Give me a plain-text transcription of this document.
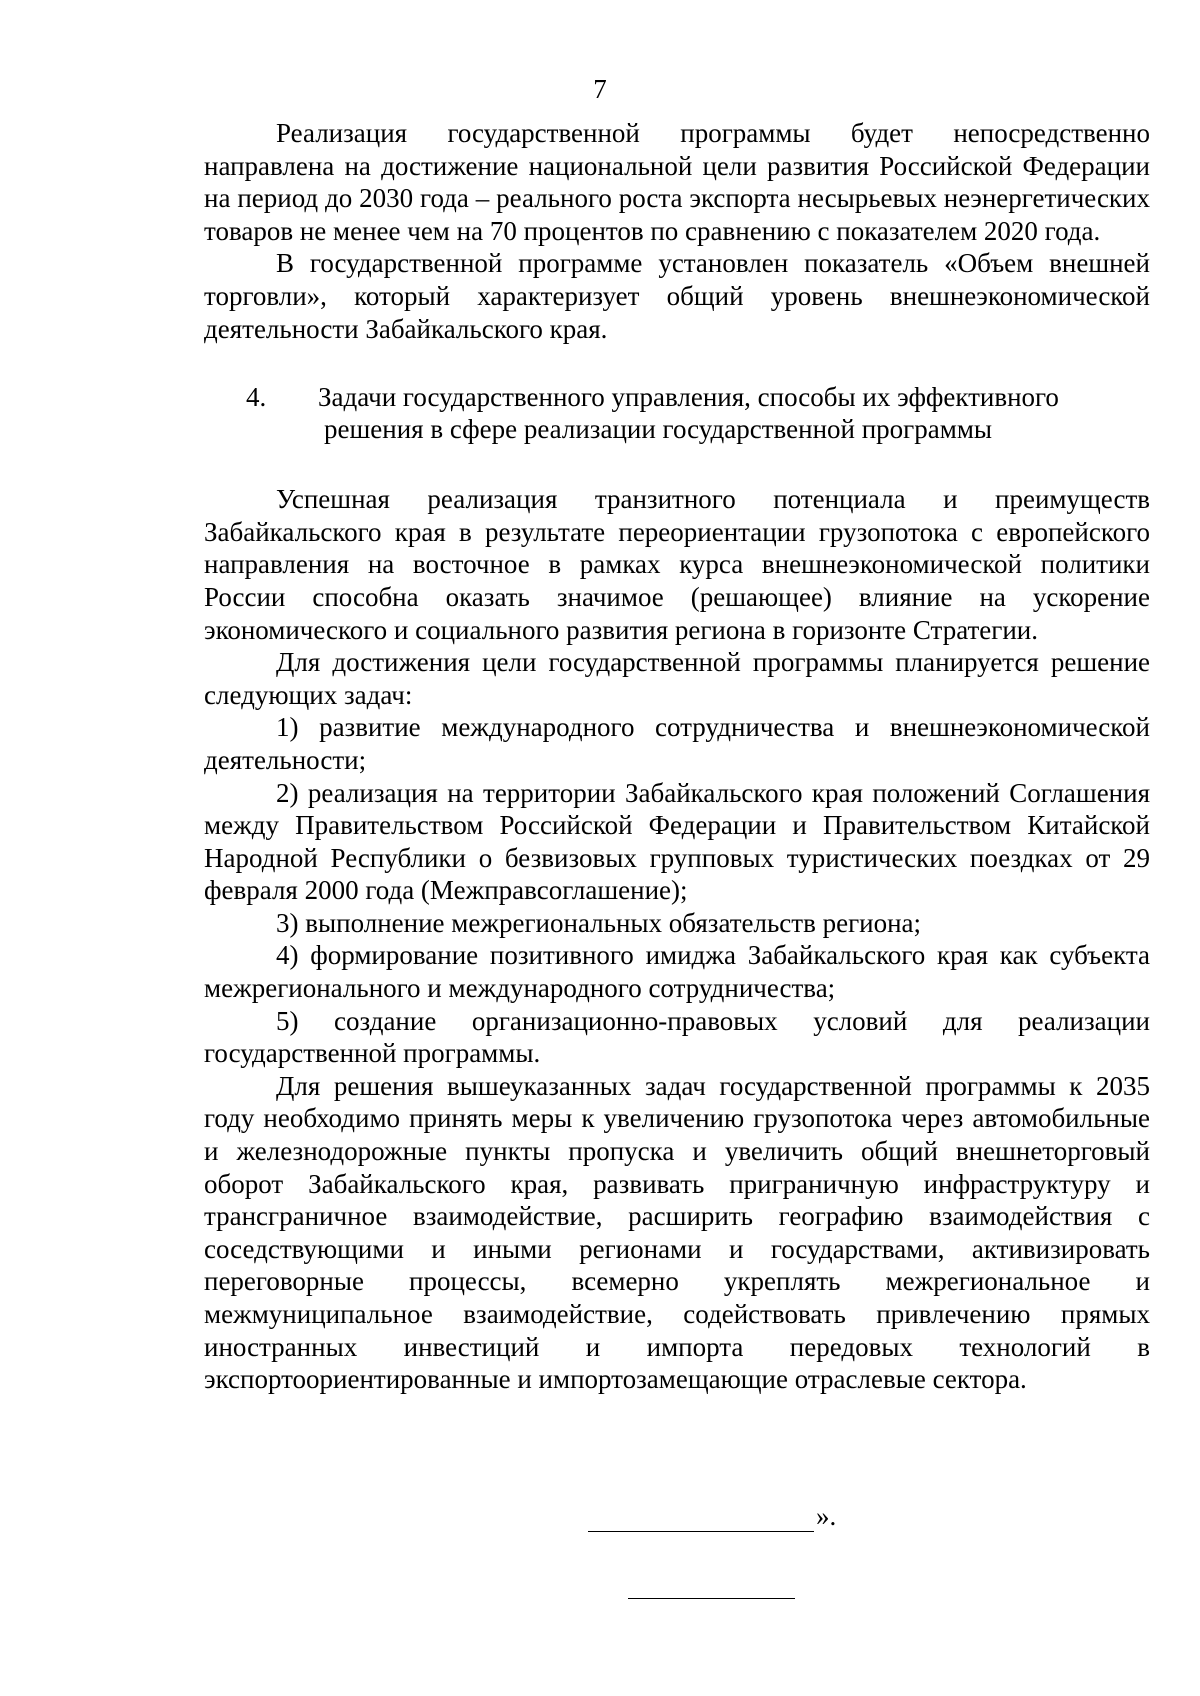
7

Реализация государственной программы будет непосредственно направлена на достижение национальной цели развития Российской Федерации на период до 2030 года – реального роста экспорта несырьевых неэнергетических товаров не менее чем на 70 процентов по сравнению с показателем 2020 года.

В государственной программе установлен показатель «Объем внешней торговли», который характеризует общий уровень внешнеэкономической деятельности Забайкальского края.

4.	Задачи государственного управления, способы их эффективного
решения в сфере реализации государственной программы

Успешная реализация транзитного потенциала и преимуществ Забайкальского края в результате переориентации грузопотока с европейского направления на восточное в рамках курса внешнеэкономической политики России способна оказать значимое (решающее) влияние на ускорение экономического и социального развития региона в горизонте Стратегии.

Для достижения цели государственной программы планируется решение следующих задач:

1) развитие международного сотрудничества и внешнеэкономической деятельности;

2) реализация на территории Забайкальского края положений Соглашения между Правительством Российской Федерации и Правительством Китайской Народной Республики о безвизовых групповых туристических поездках от 29 февраля 2000 года (Межправсоглашение);

3) выполнение межрегиональных обязательств региона;

4) формирование позитивного имиджа Забайкальского края как субъекта межрегионального и международного сотрудничества;

5) создание организационно-правовых условий для реализации государственной программы.

Для решения вышеуказанных задач государственной программы к 2035 году необходимо принять меры к увеличению грузопотока через автомобильные и железнодорожные пункты пропуска и увеличить общий внешнеторговый оборот Забайкальского края, развивать приграничную инфраструктуру и трансграничное взаимодействие, расширить географию взаимодействия с соседствующими и иными регионами и государствами, активизировать переговорные процессы, всемерно укреплять межрегиональное и межмуниципальное взаимодействие, содействовать привлечению прямых иностранных инвестиций и импорта передовых технологий в экспортоориентированные и импортозамещающие отраслевые сектора.

».
